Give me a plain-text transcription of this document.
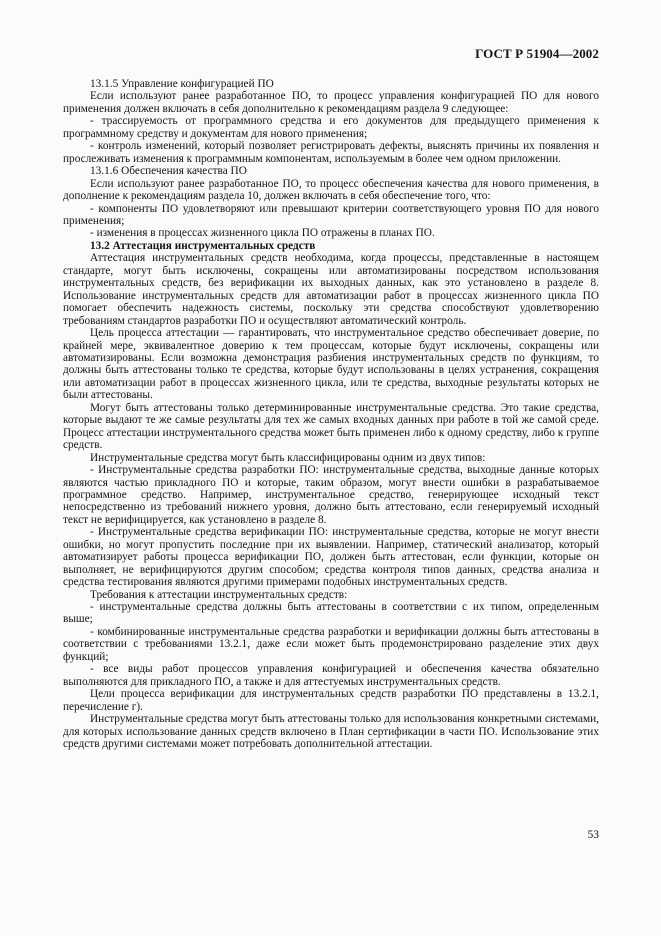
ГОСТ Р 51904—2002

13.1.5 Управление конфигурацией ПО

Если используют ранее разработанное ПО, то процесс управления конфигурацией ПО для нового применения должен включать в себя дополнительно к рекомендациям раздела 9 следующее:

- трассируемость от программного средства и его документов для предыдущего применения к программному средству и документам для нового применения;

- контроль изменений, который позволяет регистрировать дефекты, выяснять причины их появления и прослеживать изменения к программным компонентам, используемым в более чем одном приложении.

13.1.6 Обеспечения качества ПО

Если используют ранее разработанное ПО, то процесс обеспечения качества для нового применения, в дополнение к рекомендациям раздела 10, должен включать в себя обеспечение того, что:

- компоненты ПО удовлетворяют или превышают критерии соответствующего уровня ПО для нового применения;

- изменения в процессах жизненного цикла ПО отражены в планах ПО.

13.2 Аттестация инструментальных средств

Аттестация инструментальных средств необходима, когда процессы, представленные в настоящем стандарте, могут быть исключены, сокращены или автоматизированы посредством использования инструментальных средств, без верификации их выходных данных, как это установлено в разделе 8. Использование инструментальных средств для автоматизации работ в процессах жизненного цикла ПО помогает обеспечить надежность системы, поскольку эти средства способствуют удовлетворению требованиям стандартов разработки ПО и осуществляют автоматический контроль.

Цель процесса аттестации — гарантировать, что инструментальное средство обеспечивает доверие, по крайней мере, эквивалентное доверию к тем процессам, которые будут исключены, сокращены или автоматизированы. Если возможна демонстрация разбиения инструментальных средств по функциям, то должны быть аттестованы только те средства, которые будут использованы в целях устранения, сокращения или автоматизации работ в процессах жизненного цикла, или те средства, выходные результаты которых не были аттестованы.

Могут быть аттестованы только детерминированные инструментальные средства. Это такие средства, которые выдают те же самые результаты для тех же самых входных данных при работе в той же самой среде. Процесс аттестации инструментального средства может быть применен либо к одному средству, либо к группе средств.

Инструментальные средства могут быть классифицированы одним из двух типов:

- Инструментальные средства разработки ПО: инструментальные средства, выходные данные которых являются частью прикладного ПО и которые, таким образом, могут внести ошибки в разрабатываемое программное средство. Например, инструментальное средство, генерирующее исходный текст непосредственно из требований нижнего уровня, должно быть аттестовано, если генерируемый исходный текст не верифицируется, как установлено в разделе 8.

- Инструментальные средства верификации ПО: инструментальные средства, которые не могут внести ошибки, но могут пропустить последние при их выявлении. Например, статический анализатор, который автоматизирует работы процесса верификации ПО, должен быть аттестован, если функции, которые он выполняет, не верифицируются другим способом; средства контроля типов данных, средства анализа и средства тестирования являются другими примерами подобных инструментальных средств.

Требования к аттестации инструментальных средств:

- инструментальные средства должны быть аттестованы в соответствии с их типом, определенным выше;

- комбинированные инструментальные средства разработки и верификации должны быть аттестованы в соответствии с требованиями 13.2.1, даже если может быть продемонстрировано разделение этих двух функций;

- все виды работ процессов управления конфигурацией и обеспечения качества обязательно выполняются для прикладного ПО, а также и для аттестуемых инструментальных средств.

Цели процесса верификации для инструментальных средств разработки ПО представлены в 13.2.1, перечисление г).

Инструментальные средства могут быть аттестованы только для использования конкретными системами, для которых использование данных средств включено в План сертификации в части ПО. Использование этих средств другими системами может потребовать дополнительной аттестации.

53
